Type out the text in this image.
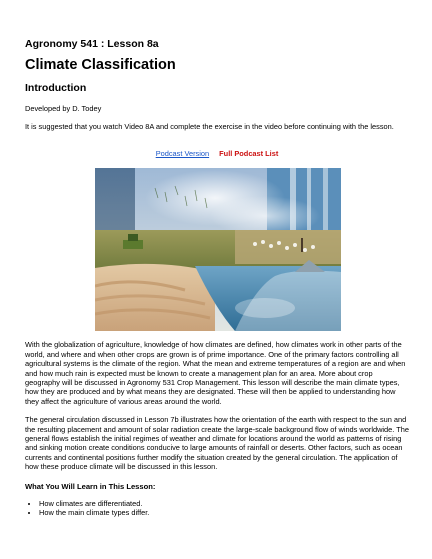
Agronomy 541 : Lesson 8a
Climate Classification
Introduction
Developed by D. Todey

It is suggested that you watch Video 8A and complete the exercise in the video before continuing with the lesson.

Podcast Version Full Podcast List

With the globalization of agriculture, knowledge of how climates are defined, how climates work in other parts of the world, and where and when other crops are grown is of prime importance. One of the primary factors controlling all agricultural systems is the climate of the region. What the mean and extreme temperatures of a region are and when and how much rain is expected must be known to create a management plan for an area. More about crop geography will be discussed in Agronomy 531 Crop Management. This lesson will describe the main climate types, how they are produced and by what means they are designated. These will then be applied to understanding how they affect the agriculture of various areas around the world.

The general circulation discussed in Lesson 7b illustrates how the orientation of the earth with respect to the sun and the resulting placement and amount of solar radiation create the large-scale background flow of winds worldwide. The general flows establish the initial regimes of weather and climate for locations around the world as patterns of rising and sinking motion create conditions conducive to large amounts of rainfall or deserts. Other factors, such as ocean currents and continental positions further modify the situation created by the general circulation. The application of how these produce climate will be discussed in this lesson.

What You Will Learn in This Lesson:
• How climates are differentiated.
• How the main climate types differ.
